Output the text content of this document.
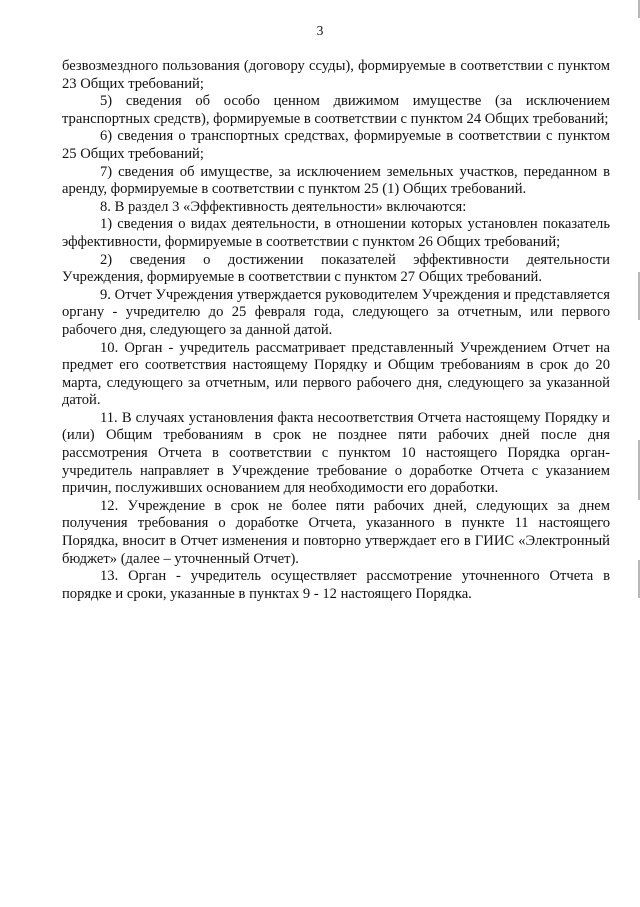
3

безвозмездного пользования (договору ссуды), формируемые в соответствии с пунктом 23 Общих требований;

5) сведения об особо ценном движимом имуществе (за исключением транспортных средств), формируемые в соответствии с пунктом 24 Общих требований;

6) сведения о транспортных средствах, формируемые в соответствии с пунктом 25 Общих требований;

7) сведения об имуществе, за исключением земельных участков, переданном в аренду, формируемые в соответствии с пунктом 25 (1) Общих требований.

8. В раздел 3 «Эффективность деятельности» включаются:

1) сведения о видах деятельности, в отношении которых установлен показатель эффективности, формируемые в соответствии с пунктом 26 Общих требований;

2) сведения о достижении показателей эффективности деятельности Учреждения, формируемые в соответствии с пунктом 27 Общих требований.

9. Отчет Учреждения утверждается руководителем Учреждения и представляется органу - учредителю до 25 февраля года, следующего за отчетным, или первого рабочего дня, следующего за данной датой.

10. Орган - учредитель рассматривает представленный Учреждением Отчет на предмет его соответствия настоящему Порядку и Общим требованиям в срок до 20 марта, следующего за отчетным, или первого рабочего дня, следующего за указанной датой.

11. В случаях установления факта несоответствия Отчета настоящему Порядку и (или) Общим требованиям в срок не позднее пяти рабочих дней после дня рассмотрения Отчета в соответствии с пунктом 10 настоящего Порядка орган-учредитель направляет в Учреждение требование о доработке Отчета с указанием причин, послуживших основанием для необходимости его доработки.

12. Учреждение в срок не более пяти рабочих дней, следующих за днем получения требования о доработке Отчета, указанного в пункте 11 настоящего Порядка, вносит в Отчет изменения и повторно утверждает его в ГИИС «Электронный бюджет» (далее – уточненный Отчет).

13. Орган - учредитель осуществляет рассмотрение уточненного Отчета в порядке и сроки, указанные в пунктах 9 - 12 настоящего Порядка.
